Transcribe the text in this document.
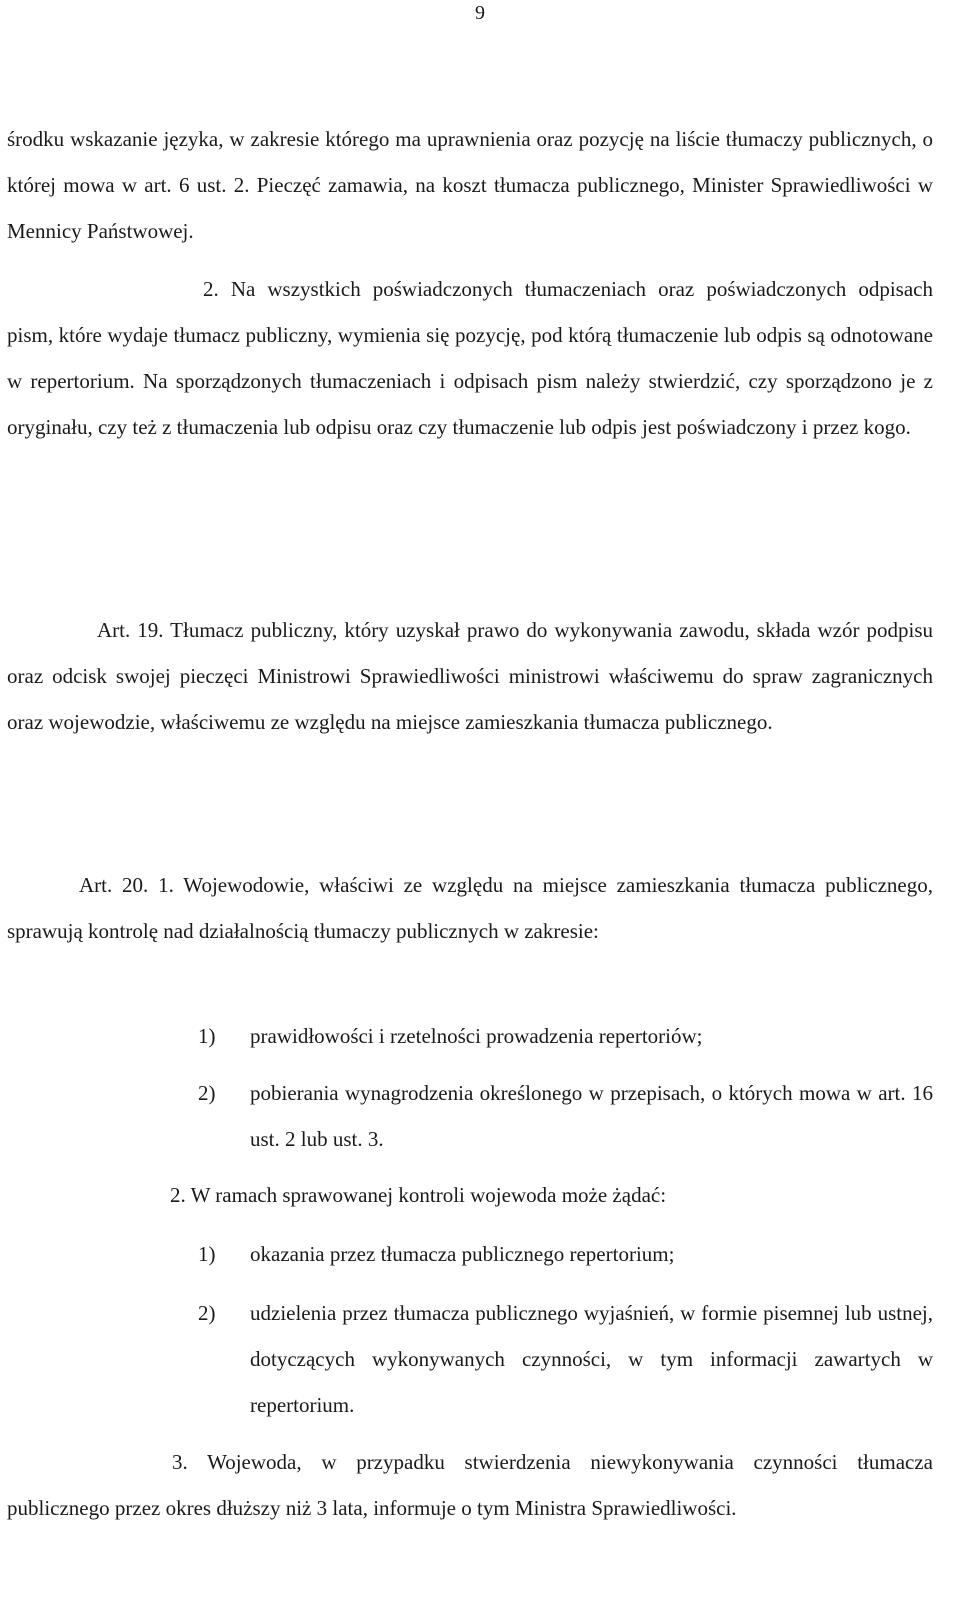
9
środku wskazanie języka, w zakresie którego ma uprawnienia oraz pozycję na liście tłumaczy publicznych, o której mowa w art. 6 ust. 2. Pieczęć zamawia, na koszt tłumacza publicznego, Minister Sprawiedliwości w Mennicy Państwowej.
2. Na wszystkich poświadczonych tłumaczeniach oraz poświadczonych odpisach pism, które wydaje tłumacz publiczny, wymienia się pozycję, pod którą tłumaczenie lub odpis są odnotowane w repertorium. Na sporządzonych tłumaczeniach i odpisach pism należy stwierdzić, czy sporządzono je z oryginału, czy też z tłumaczenia lub odpisu oraz czy tłumaczenie lub odpis jest poświadczony i przez kogo.
Art. 19. Tłumacz publiczny, który uzyskał prawo do wykonywania zawodu, składa wzór podpisu oraz odcisk swojej pieczęci Ministrowi Sprawiedliwości ministrowi właściwemu do spraw zagranicznych oraz wojewodzie, właściwemu ze względu na miejsce zamieszkania tłumacza publicznego.
Art. 20. 1. Wojewodowie, właściwi ze względu na miejsce zamieszkania tłumacza publicznego, sprawują kontrolę nad działalnością tłumaczy publicznych w zakresie:
1) prawidłowości i rzetelności prowadzenia repertoriów;
2) pobierania wynagrodzenia określonego w przepisach, o których mowa w art. 16 ust. 2 lub ust. 3.
2. W ramach sprawowanej kontroli wojewoda może żądać:
1) okazania przez tłumacza publicznego repertorium;
2) udzielenia przez tłumacza publicznego wyjaśnień, w formie pisemnej lub ustnej, dotyczących wykonywanych czynności, w tym informacji zawartych w repertorium.
3. Wojewoda, w przypadku stwierdzenia niewykonywania czynności tłumacza publicznego przez okres dłuższy niż 3 lata, informuje o tym Ministra Sprawiedliwości.
